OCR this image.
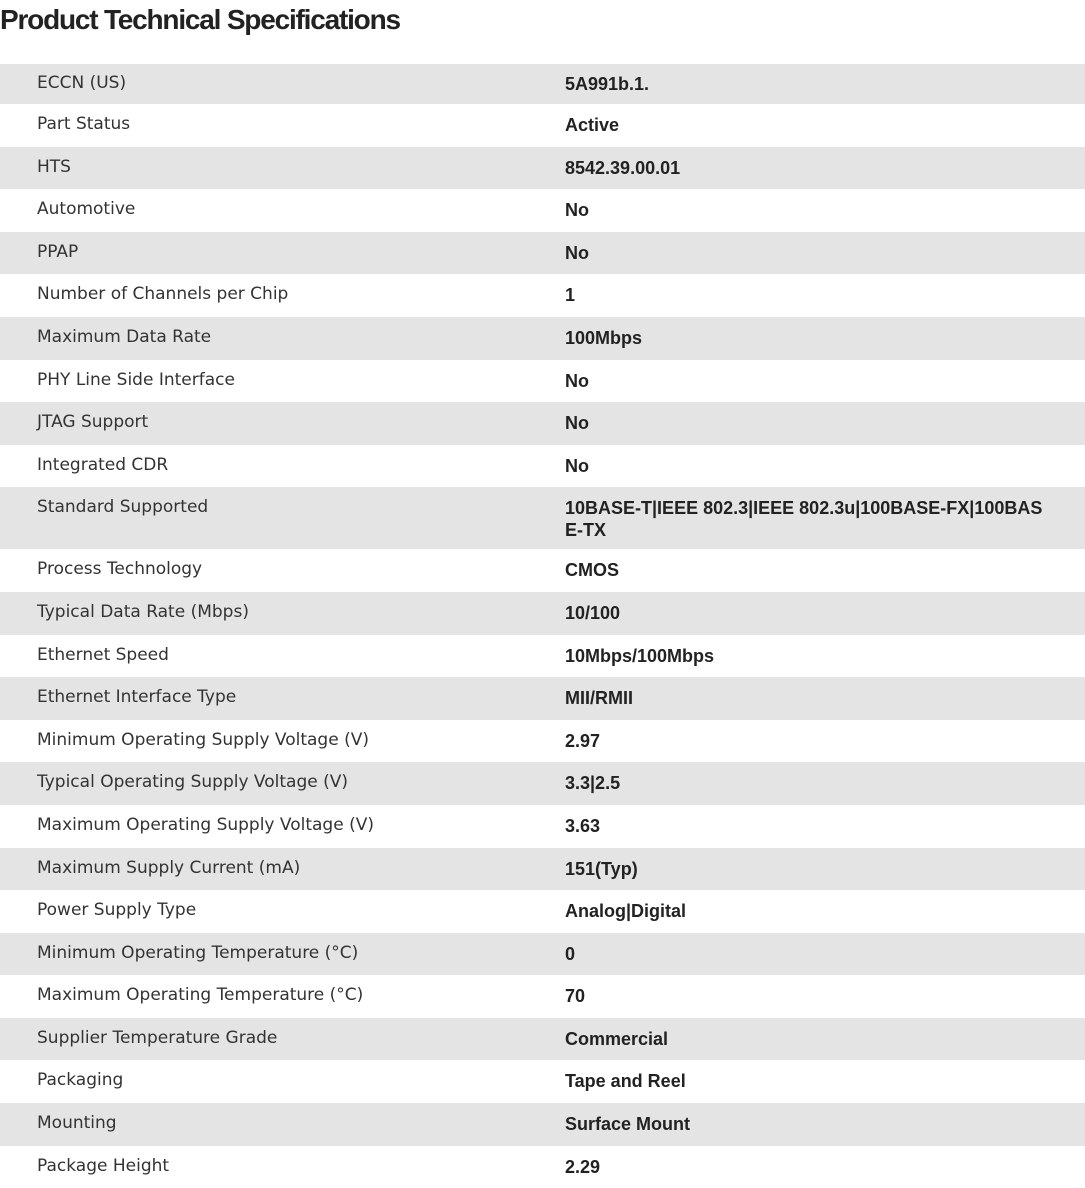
Product Technical Specifications
ECCN (US)	5A991b.1.
Part Status	Active
HTS	8542.39.00.01
Automotive	No
PPAP	No
Number of Channels per Chip	1
Maximum Data Rate	100Mbps
PHY Line Side Interface	No
JTAG Support	No
Integrated CDR	No
Standard Supported	10BASE-T|IEEE 802.3|IEEE 802.3u|100BASE-FX|100BASE-TX
Process Technology	CMOS
Typical Data Rate (Mbps)	10/100
Ethernet Speed	10Mbps/100Mbps
Ethernet Interface Type	MII/RMII
Minimum Operating Supply Voltage (V)	2.97
Typical Operating Supply Voltage (V)	3.3|2.5
Maximum Operating Supply Voltage (V)	3.63
Maximum Supply Current (mA)	151(Typ)
Power Supply Type	Analog|Digital
Minimum Operating Temperature (°C)	0
Maximum Operating Temperature (°C)	70
Supplier Temperature Grade	Commercial
Packaging	Tape and Reel
Mounting	Surface Mount
Package Height	2.29
